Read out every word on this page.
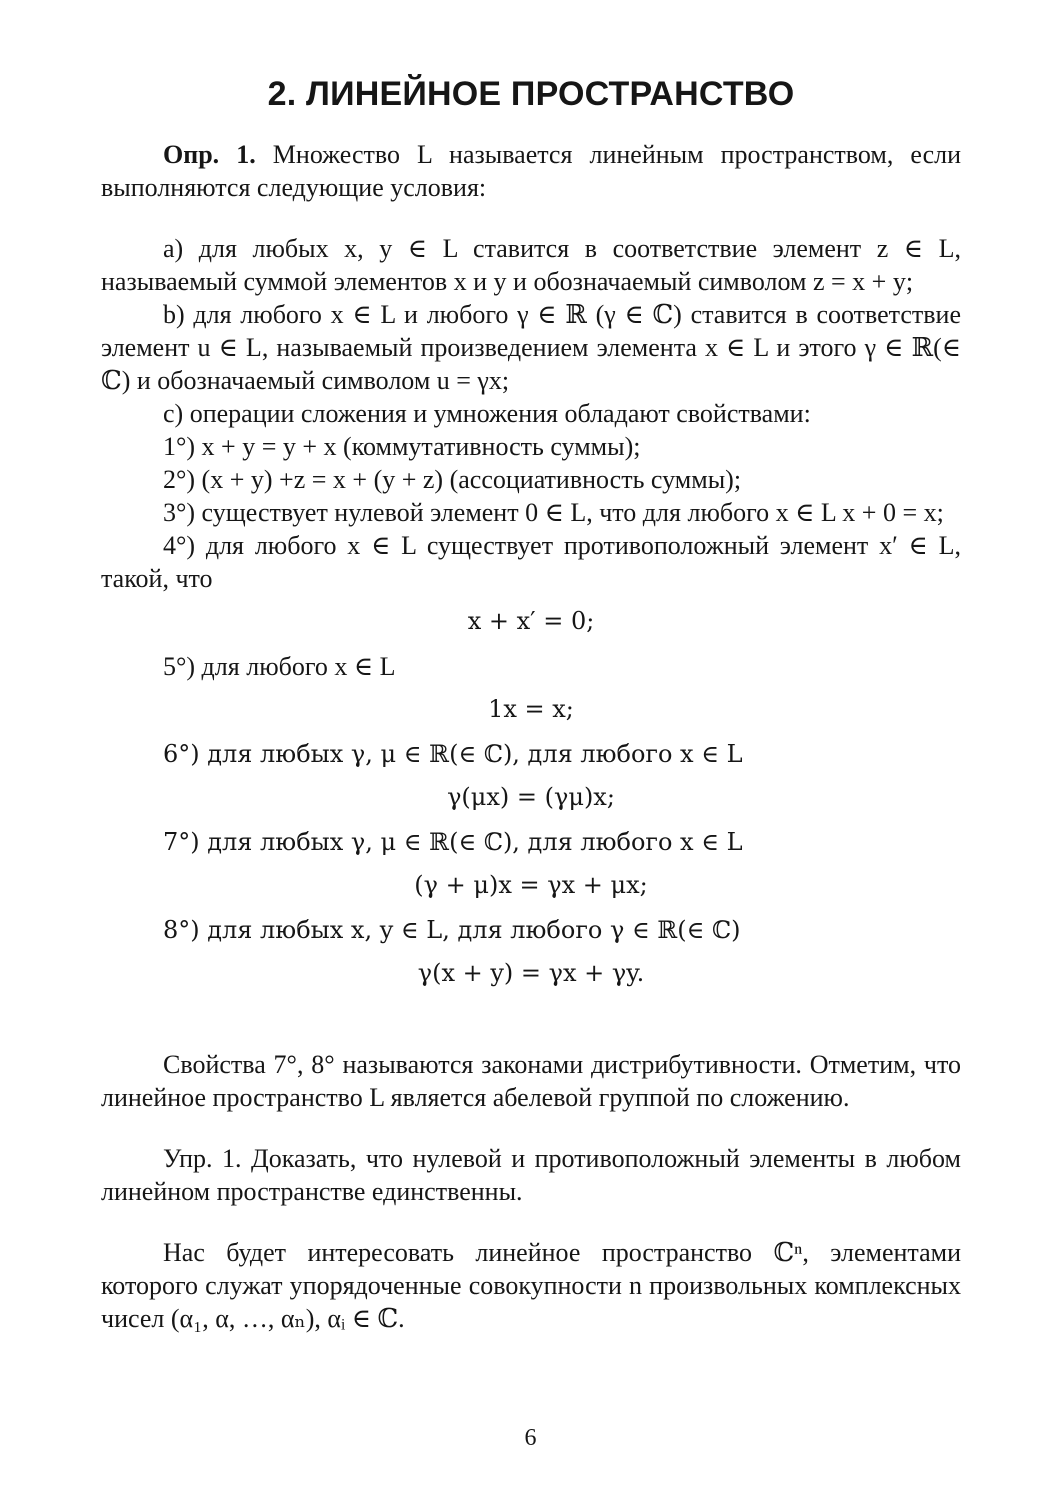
2. ЛИНЕЙНОЕ ПРОСТРАНСТВО

Опр. 1. Множество L называется линейным пространством, если выполняются следующие условия:

а) для любых x, y ∈ L ставится в соответствие элемент z ∈ L, называемый суммой элементов x и y и обозначаемый символом z = x + y;

b) для любого x ∈ L и любого γ ∈ ℝ (γ ∈ ℂ) ставится в соответствие элемент u ∈ L, называемый произведением элемента x ∈ L и этого γ ∈ ℝ(∈ ℂ) и обозначаемый символом u = γx;

с) операции сложения и умножения обладают свойствами:

1°) x + y = y + x (коммутативность суммы);

2°) (x + y) +z = x + (y + z) (ассоциативность суммы);

3°) существует нулевой элемент 0 ∈ L, что для любого x ∈ L x + 0 = x;

4°) для любого x ∈ L существует противоположный элемент x′ ∈ L, такой, что

x + x′ = 0;

5°) для любого x ∈ L

1x = x;

6°) для любых γ, μ ∈ ℝ(∈ ℂ), для любого x ∈ L

γ(μx) = (γμ)x;

7°) для любых γ, μ ∈ ℝ(∈ ℂ), для любого x ∈ L

(γ + μ)x = γx + μx;

8°) для любых x, y ∈ L, для любого γ ∈ ℝ(∈ ℂ)

γ(x + y) = γx + γy.

Свойства 7°, 8° называются законами дистрибутивности. Отметим, что линейное пространство L является абелевой группой по сложению.

Упр. 1. Доказать, что нулевой и противоположный элементы в любом линейном пространстве единственны.

Нас будет интересовать линейное пространство ℂⁿ, элементами которого служат упорядоченные совокупности n произвольных комплексных чисел (α₁, α, …, αₙ), αᵢ ∈ ℂ.

6
